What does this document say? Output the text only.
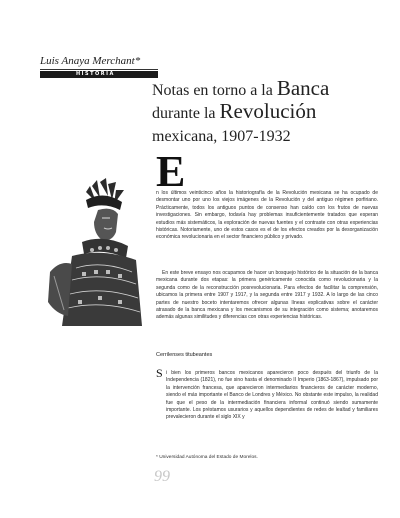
Luis Anaya Merchant*
HISTORIA
Notas en torno a la Banca
durante la Revolución
mexicana, 1907-1932
E

n los últimos veinticinco años la historiografía de la Revolución mexicana se ha ocupado de desmontar uno por uno los viejos imágenes de la Revolución y del antiguo régimen porfiriano. Prácticamente, todos los antiguos puntos de consenso han caído con los frutos de nuevas investigaciones. Sin embargo, todavía hay problemas insuficientemente tratados que esperan estudios más sistemáticos, la exploración de nuevas fuentes y el contraste con otras experiencias históricas. Notoriamente, uno de estos casos es el de los efectos creados por la desorganización económica revolucionaria en el sector financiero público y privado.

En este breve ensayo nos ocupamos de hacer un bosquejo histórico de la situación de la banca mexicana durante dos etapas: la primera genéricamente conocida como revolucionaria y la segunda como de la reconstrucción posrevolucionaria. Para efectos de facilitar la comprensión, ubicamos la primera entre 1907 y 1917, y la segunda entre 1917 y 1932. A lo largo de las cinco partes de nuestro boceto intentaremos ofrecer algunas líneas explicativas sobre el carácter atrasado de la banca mexicana y los mecanismos de su integración como sistema; anotaremos además algunas similitudes y diferencias con otras experiencias históricas.

Cerrilenses titubeantes
S i bien los primeros bancos mexicanos aparecieron poco después del triunfo de la Independencia (1821), no fue sino hasta el denominado II Imperio (1863-1867), impulsado por la intervención francesa, que aparecieron intermediarios financieros de carácter moderno, siendo el más importante el Banco de Londres y México. No obstante este impulso, la realidad fue que el peso de la intermediación financiera informal continuó siendo sumamente importante. Los préstamos usurarios y aquellos dependientes de redes de lealtad y familiares prevalecieron durante el siglo XIX y

* Universidad Autónoma del Estado de Morelos.
99
